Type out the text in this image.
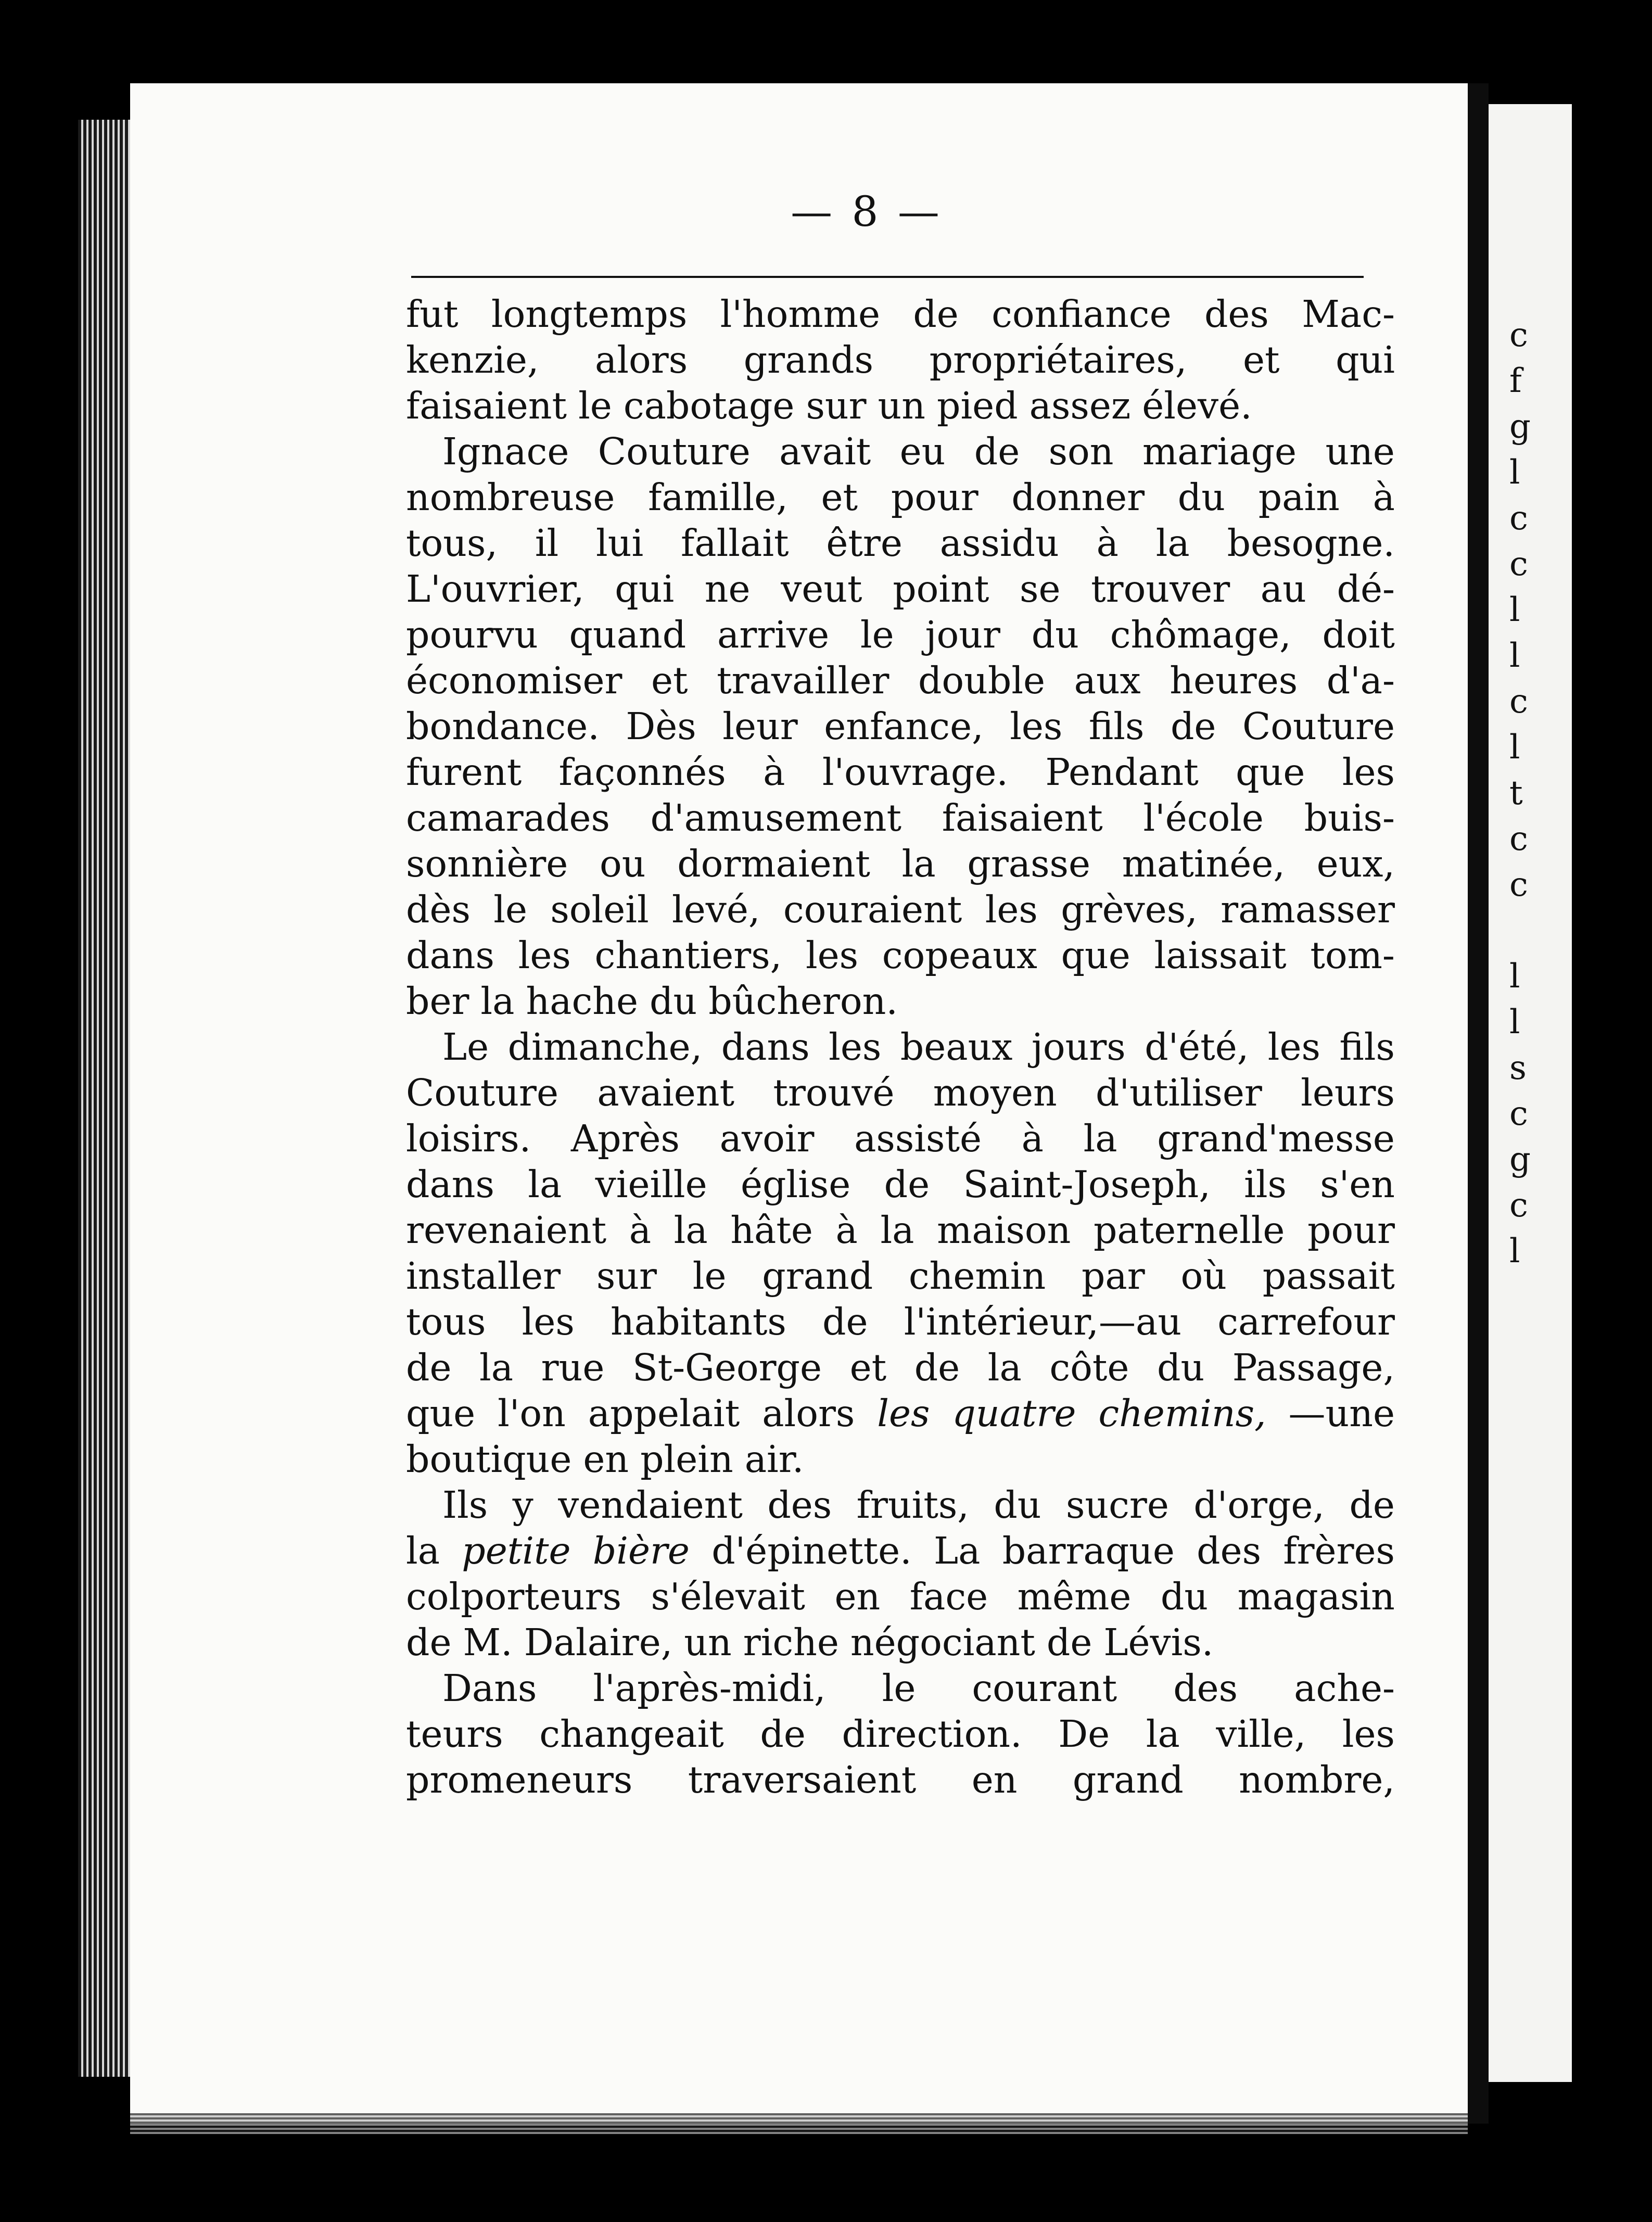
— 8 —
fut longtemps l'homme de confiance des Mac-
kenzie, alors grands propriétaires, et qui
faisaient le cabotage sur un pied assez élevé.
Ignace Couture avait eu de son mariage une
nombreuse famille, et pour donner du pain à
tous, il lui fallait être assidu à la besogne.
L'ouvrier, qui ne veut point se trouver au dé-
pourvu quand arrive le jour du chômage, doit
économiser et travailler double aux heures d'a-
bondance. Dès leur enfance, les fils de Couture
furent façonnés à l'ouvrage. Pendant que les
camarades d'amusement faisaient l'école buis-
sonnière ou dormaient la grasse matinée, eux,
dès le soleil levé, couraient les grèves, ramasser
dans les chantiers, les copeaux que laissait tom-
ber la hache du bûcheron.
Le dimanche, dans les beaux jours d'été, les fils
Couture avaient trouvé moyen d'utiliser leurs
loisirs. Après avoir assisté à la grand'messe
dans la vieille église de Saint-Joseph, ils s'en
revenaient à la hâte à la maison paternelle pour
installer sur le grand chemin par où passait
tous les habitants de l'intérieur,—au carrefour
de la rue St-George et de la côte du Passage,
que l'on appelait alors les quatre chemins, —une
boutique en plein air.
Ils y vendaient des fruits, du sucre d'orge, de
la petite bière d'épinette. La barraque des frères
colporteurs s'élevait en face même du magasin
de M. Dalaire, un riche négociant de Lévis.
Dans l'après-midi, le courant des ache-
teurs changeait de direction. De la ville, les
promeneurs traversaient en grand nombre,
c
f
g
l
c
c
l
l
c
l
t
c
c
l
l
s
c
g
c
l
